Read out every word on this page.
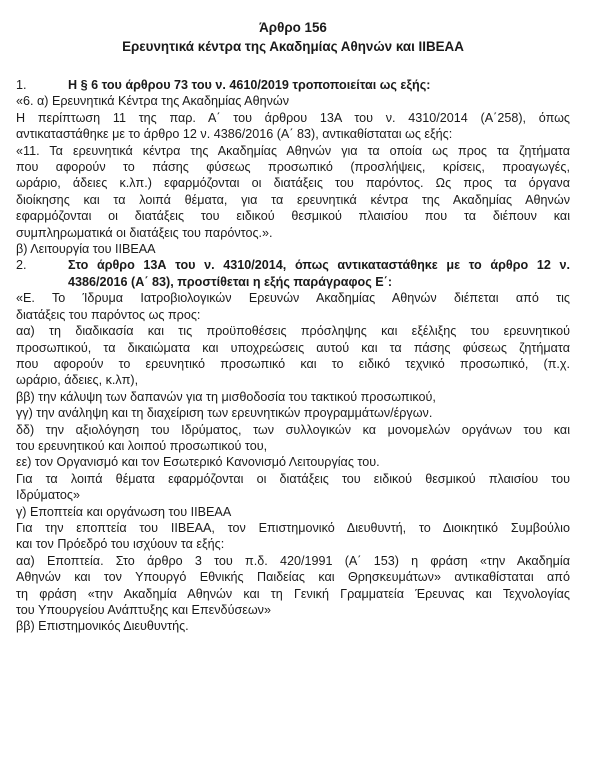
Άρθρο 156

Ερευνητικά κέντρα της Ακαδημίας Αθηνών και ΙΙΒΕΑΑ

1.	Η § 6 του άρθρου 73 του ν. 4610/2019 τροποποιείται ως εξής:

«6. α) Ερευνητικά Κέντρα της Ακαδημίας Αθηνών

Η περίπτωση 11 της παρ. Α΄ του άρθρου 13Α του ν. 4310/2014 (Α΄258), όπως

αντικαταστάθηκε με το άρθρο 12 ν. 4386/2016 (Α΄ 83), αντικαθίσταται ως εξής:

«11. Τα ερευνητικά κέντρα της Ακαδημίας Αθηνών για τα οποία ως προς τα ζητήματα

που αφορούν το πάσης φύσεως προσωπικό (προσλήψεις, κρίσεις, προαγωγές,

ωράριο, άδειες κ.λπ.) εφαρμόζονται οι διατάξεις του παρόντος. Ως προς τα όργανα

διοίκησης και τα λοιπά θέματα, για τα ερευνητικά κέντρα της Ακαδημίας Αθηνών

εφαρμόζονται οι διατάξεις του ειδικού θεσμικού πλαισίου που τα διέπουν και

συμπληρωματικά οι διατάξεις του παρόντος.».

β) Λειτουργία του ΙΙΒΕΑΑ

2.	Στο άρθρο 13Α του ν. 4310/2014, όπως αντικαταστάθηκε με το άρθρο 12 ν.

4386/2016 (Α΄ 83), προστίθεται η εξής παράγραφος Ε΄:

«Ε. Το Ίδρυμα Ιατροβιολογικών Ερευνών Ακαδημίας Αθηνών διέπεται από τις

διατάξεις του παρόντος ως προς:

αα) τη διαδικασία και τις προϋποθέσεις πρόσληψης και εξέλιξης του ερευνητικού

προσωπικού, τα δικαιώματα και υποχρεώσεις αυτού και τα πάσης φύσεως ζητήματα

που αφορούν το ερευνητικό προσωπικό και το ειδικό τεχνικό προσωπικό, (π.χ.

ωράριο, άδειες, κ.λπ),

ββ) την κάλυψη των δαπανών για τη μισθοδοσία του τακτικού προσωπικού,

γγ) την ανάληψη και τη διαχείριση των ερευνητικών προγραμμάτων/έργων.

δδ) την αξιολόγηση του Ιδρύματος, των συλλογικών κα μονομελών οργάνων του και

του ερευνητικού και λοιπού προσωπικού του,

εε) τον Οργανισμό και τον Εσωτερικό Κανονισμό Λειτουργίας του.

Για τα λοιπά θέματα εφαρμόζονται οι διατάξεις του ειδικού θεσμικού πλαισίου του

Ιδρύματος»

γ) Εποπτεία και οργάνωση του ΙΙΒΕΑΑ

Για την εποπτεία του ΙΙΒΕΑΑ, τον Επιστημονικό Διευθυντή, το Διοικητικό Συμβούλιο

και τον Πρόεδρό του ισχύουν τα εξής:

αα) Εποπτεία. Στο άρθρο 3 του π.δ. 420/1991 (Α΄ 153) η φράση «την Ακαδημία

Αθηνών και τον Υπουργό Εθνικής Παιδείας και Θρησκευμάτων» αντικαθίσταται από

τη φράση «την Ακαδημία Αθηνών και τη Γενική Γραμματεία Έρευνας και Τεχνολογίας

του Υπουργείου Ανάπτυξης και Επενδύσεων»

ββ) Επιστημονικός Διευθυντής.
